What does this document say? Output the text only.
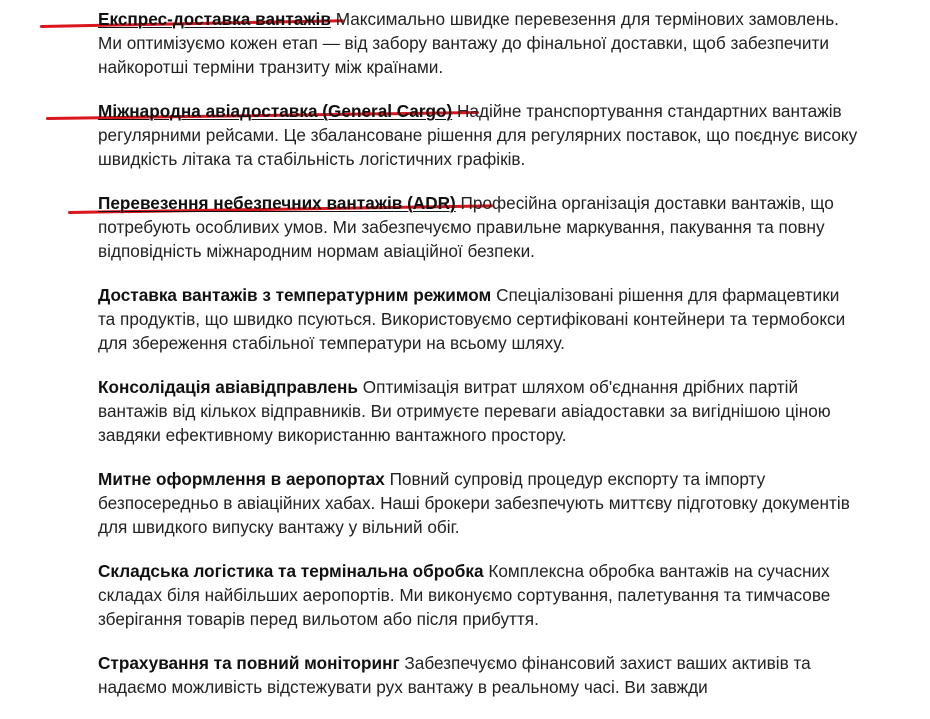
Експрес-доставка вантажів Максимально швидке перевезення для термінових замовлень. Ми оптимізуємо кожен етап — від забору вантажу до фінальної доставки, щоб забезпечити найкоротші терміни транзиту між країнами.

Міжнародна авіадоставка (General Cargo) Надійне транспортування стандартних вантажів регулярними рейсами. Це збалансоване рішення для регулярних поставок, що поєднує високу швидкість літака та стабільність логістичних графіків.

Перевезення небезпечних вантажів (ADR) Професійна організація доставки вантажів, що потребують особливих умов. Ми забезпечуємо правильне маркування, пакування та повну відповідність міжнародним нормам авіаційної безпеки.

Доставка вантажів з температурним режимом Спеціалізовані рішення для фармацевтики та продуктів, що швидко псуються. Використовуємо сертифіковані контейнери та термобокси для збереження стабільної температури на всьому шляху.

Консолідація авіавідправлень Оптимізація витрат шляхом об'єднання дрібних партій вантажів від кількох відправників. Ви отримуєте переваги авіадоставки за вигіднішою ціною завдяки ефективному використанню вантажного простору.

Митне оформлення в аеропортах Повний супровід процедур експорту та імпорту безпосередньо в авіаційних хабах. Наші брокери забезпечують миттєву підготовку документів для швидкого випуску вантажу у вільний обіг.

Складська логістика та термінальна обробка Комплексна обробка вантажів на сучасних складах біля найбільших аеропортів. Ми виконуємо сортування, палетування та тимчасове зберігання товарів перед вильотом або після прибуття.

Страхування та повний моніторинг Забезпечуємо фінансовий захист ваших активів та надаємо можливість відстежувати рух вантажу в реальному часі. Ви завжди
